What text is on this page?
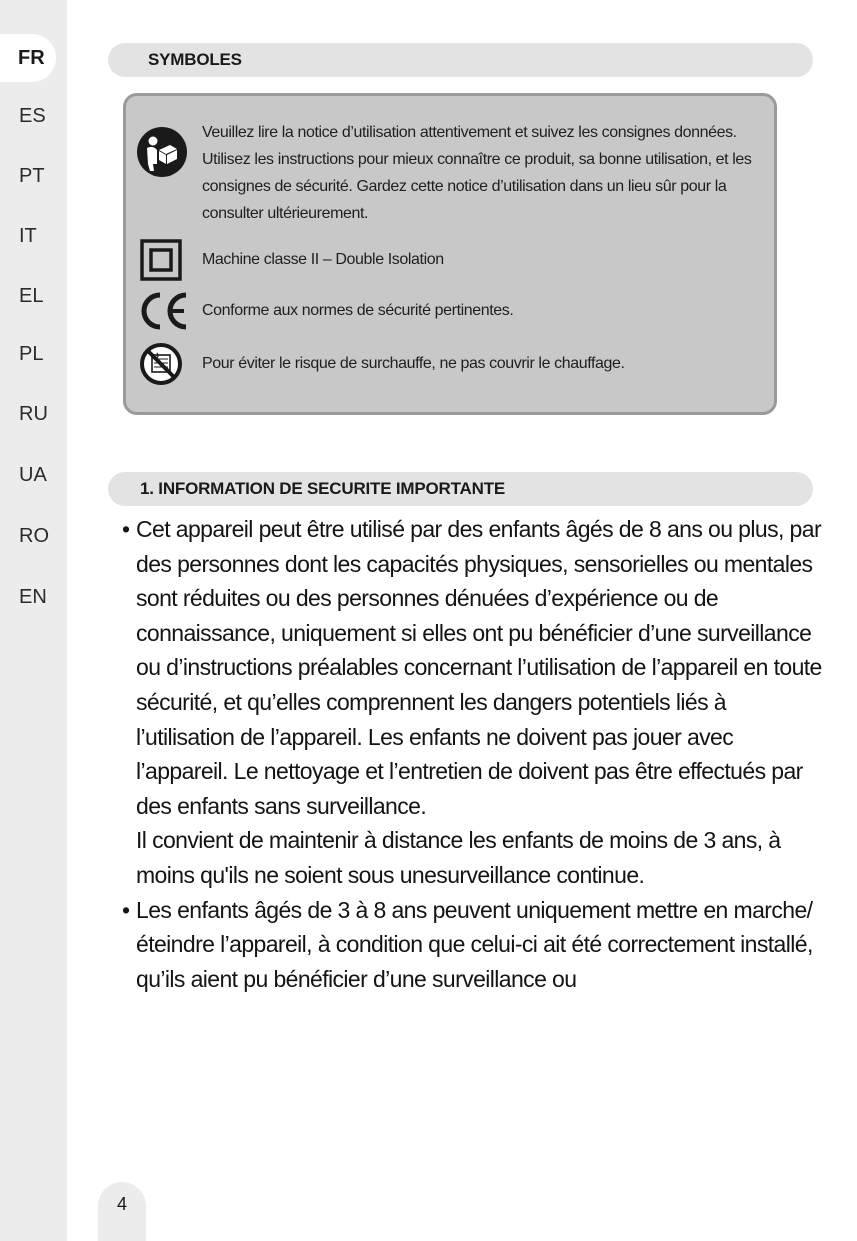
FR
ES
PT
IT
EL
PL
RU
UA
RO
EN
SYMBOLES
Veuillez lire la notice d’utilisation attentivement et suivez les consignes données. Utilisez les instructions pour mieux connaître ce produit, sa bonne utilisation, et les consignes de sécurité. Gardez cette notice d’utilisation dans un lieu sûr pour la consulter ultérieurement.
Machine classe II – Double Isolation
Conforme aux normes de sécurité pertinentes.
Pour éviter le risque de surchauffe, ne pas couvrir le chauffage.
1. INFORMATION DE SECURITE IMPORTANTE
• Cet appareil peut être utilisé par des enfants âgés de 8 ans ou plus, par des personnes dont les capacités physiques, sensorielles ou mentales sont réduites ou des personnes dénuées d’expérience ou de connaissance, uniquement si elles ont pu bénéficier d’une surveillance ou d’instructions préalables concernant l’utilisation de l’appareil en toute sécurité, et qu’elles comprennent les dangers potentiels liés à l’utilisation de l’appareil. Les enfants ne doivent pas jouer avec l’appareil. Le nettoyage et l’entretien de doivent pas être effectués par des enfants sans surveillance.

Il convient de maintenir à distance les enfants de moins de 3 ans, à moins qu'ils ne soient sous unesurveillance continue.

• Les enfants âgés de 3 à 8 ans peuvent uniquement mettre en marche/éteindre l’appareil, à condition que celui-ci ait été correctement installé, qu’ils aient pu bénéficier d’une surveillance ou

4
